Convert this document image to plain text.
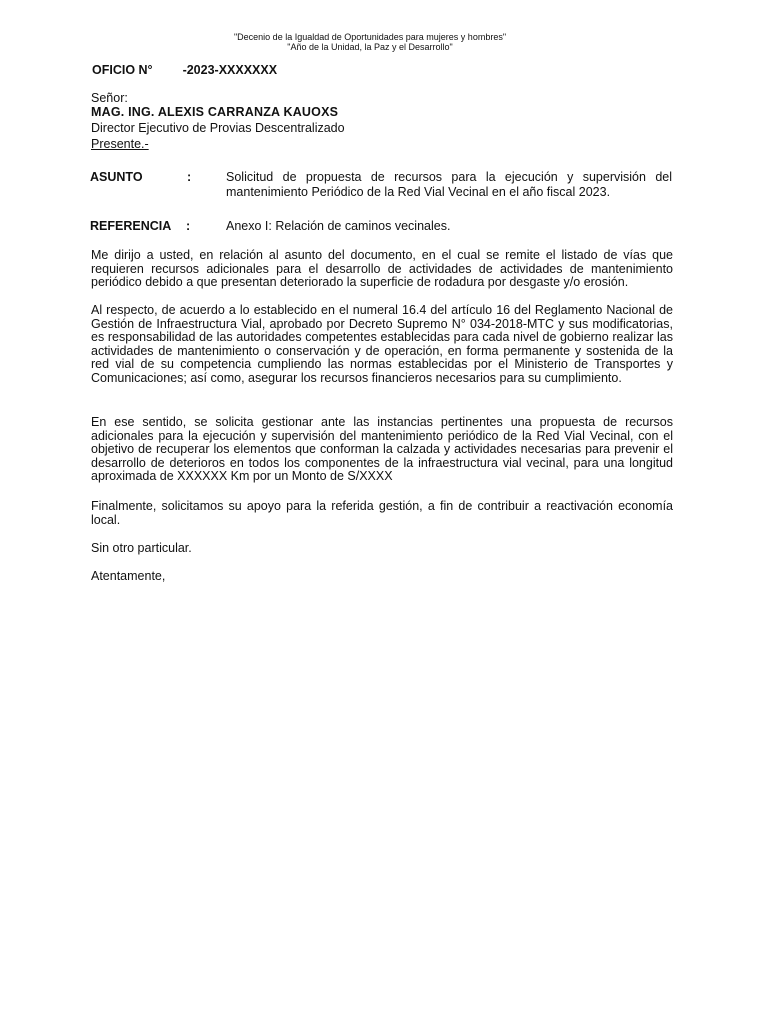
"Decenio de la Igualdad de Oportunidades para mujeres y hombres"
"Año de la Unidad, la Paz y el Desarrollo"
OFICIO N° -2023-XXXXXXX
Señor:
MAG. ING. ALEXIS CARRANZA KAUOXS
Director Ejecutivo de Provias Descentralizado
Presente.-
ASUNTO	:	Solicitud de propuesta de recursos para la ejecución y supervisión del mantenimiento Periódico de la Red Vial Vecinal en el año fiscal 2023.
REFERENCIA :	Anexo I: Relación de caminos vecinales.

Me dirijo a usted, en relación al asunto del documento, en el cual se remite el listado de vías que requieren recursos adicionales para el desarrollo de actividades de actividades de mantenimiento periódico debido a que presentan deteriorado la superficie de rodadura por desgaste y/o erosión.

Al respecto, de acuerdo a lo establecido en el numeral 16.4 del artículo 16 del Reglamento Nacional de Gestión de Infraestructura Vial, aprobado por Decreto Supremo N° 034-2018-MTC y sus modificatorias, es responsabilidad de las autoridades competentes establecidas para cada nivel de gobierno realizar las actividades de mantenimiento o conservación y de operación, en forma permanente y sostenida de la red vial de su competencia cumpliendo las normas establecidas por el Ministerio de Transportes y Comunicaciones; así como, asegurar los recursos financieros necesarios para su cumplimiento.

En ese sentido, se solicita gestionar ante las instancias pertinentes una propuesta de recursos adicionales para la ejecución y supervisión del mantenimiento periódico de la Red Vial Vecinal, con el objetivo de recuperar los elementos que conforman la calzada y actividades necesarias para prevenir el desarrollo de deterioros en todos los componentes de la infraestructura vial vecinal, para una longitud aproximada de XXXXXX Km por un Monto de S/XXXX

Finalmente, solicitamos su apoyo para la referida gestión, a fin de contribuir a reactivación economía local.

Sin otro particular.
Atentamente,
